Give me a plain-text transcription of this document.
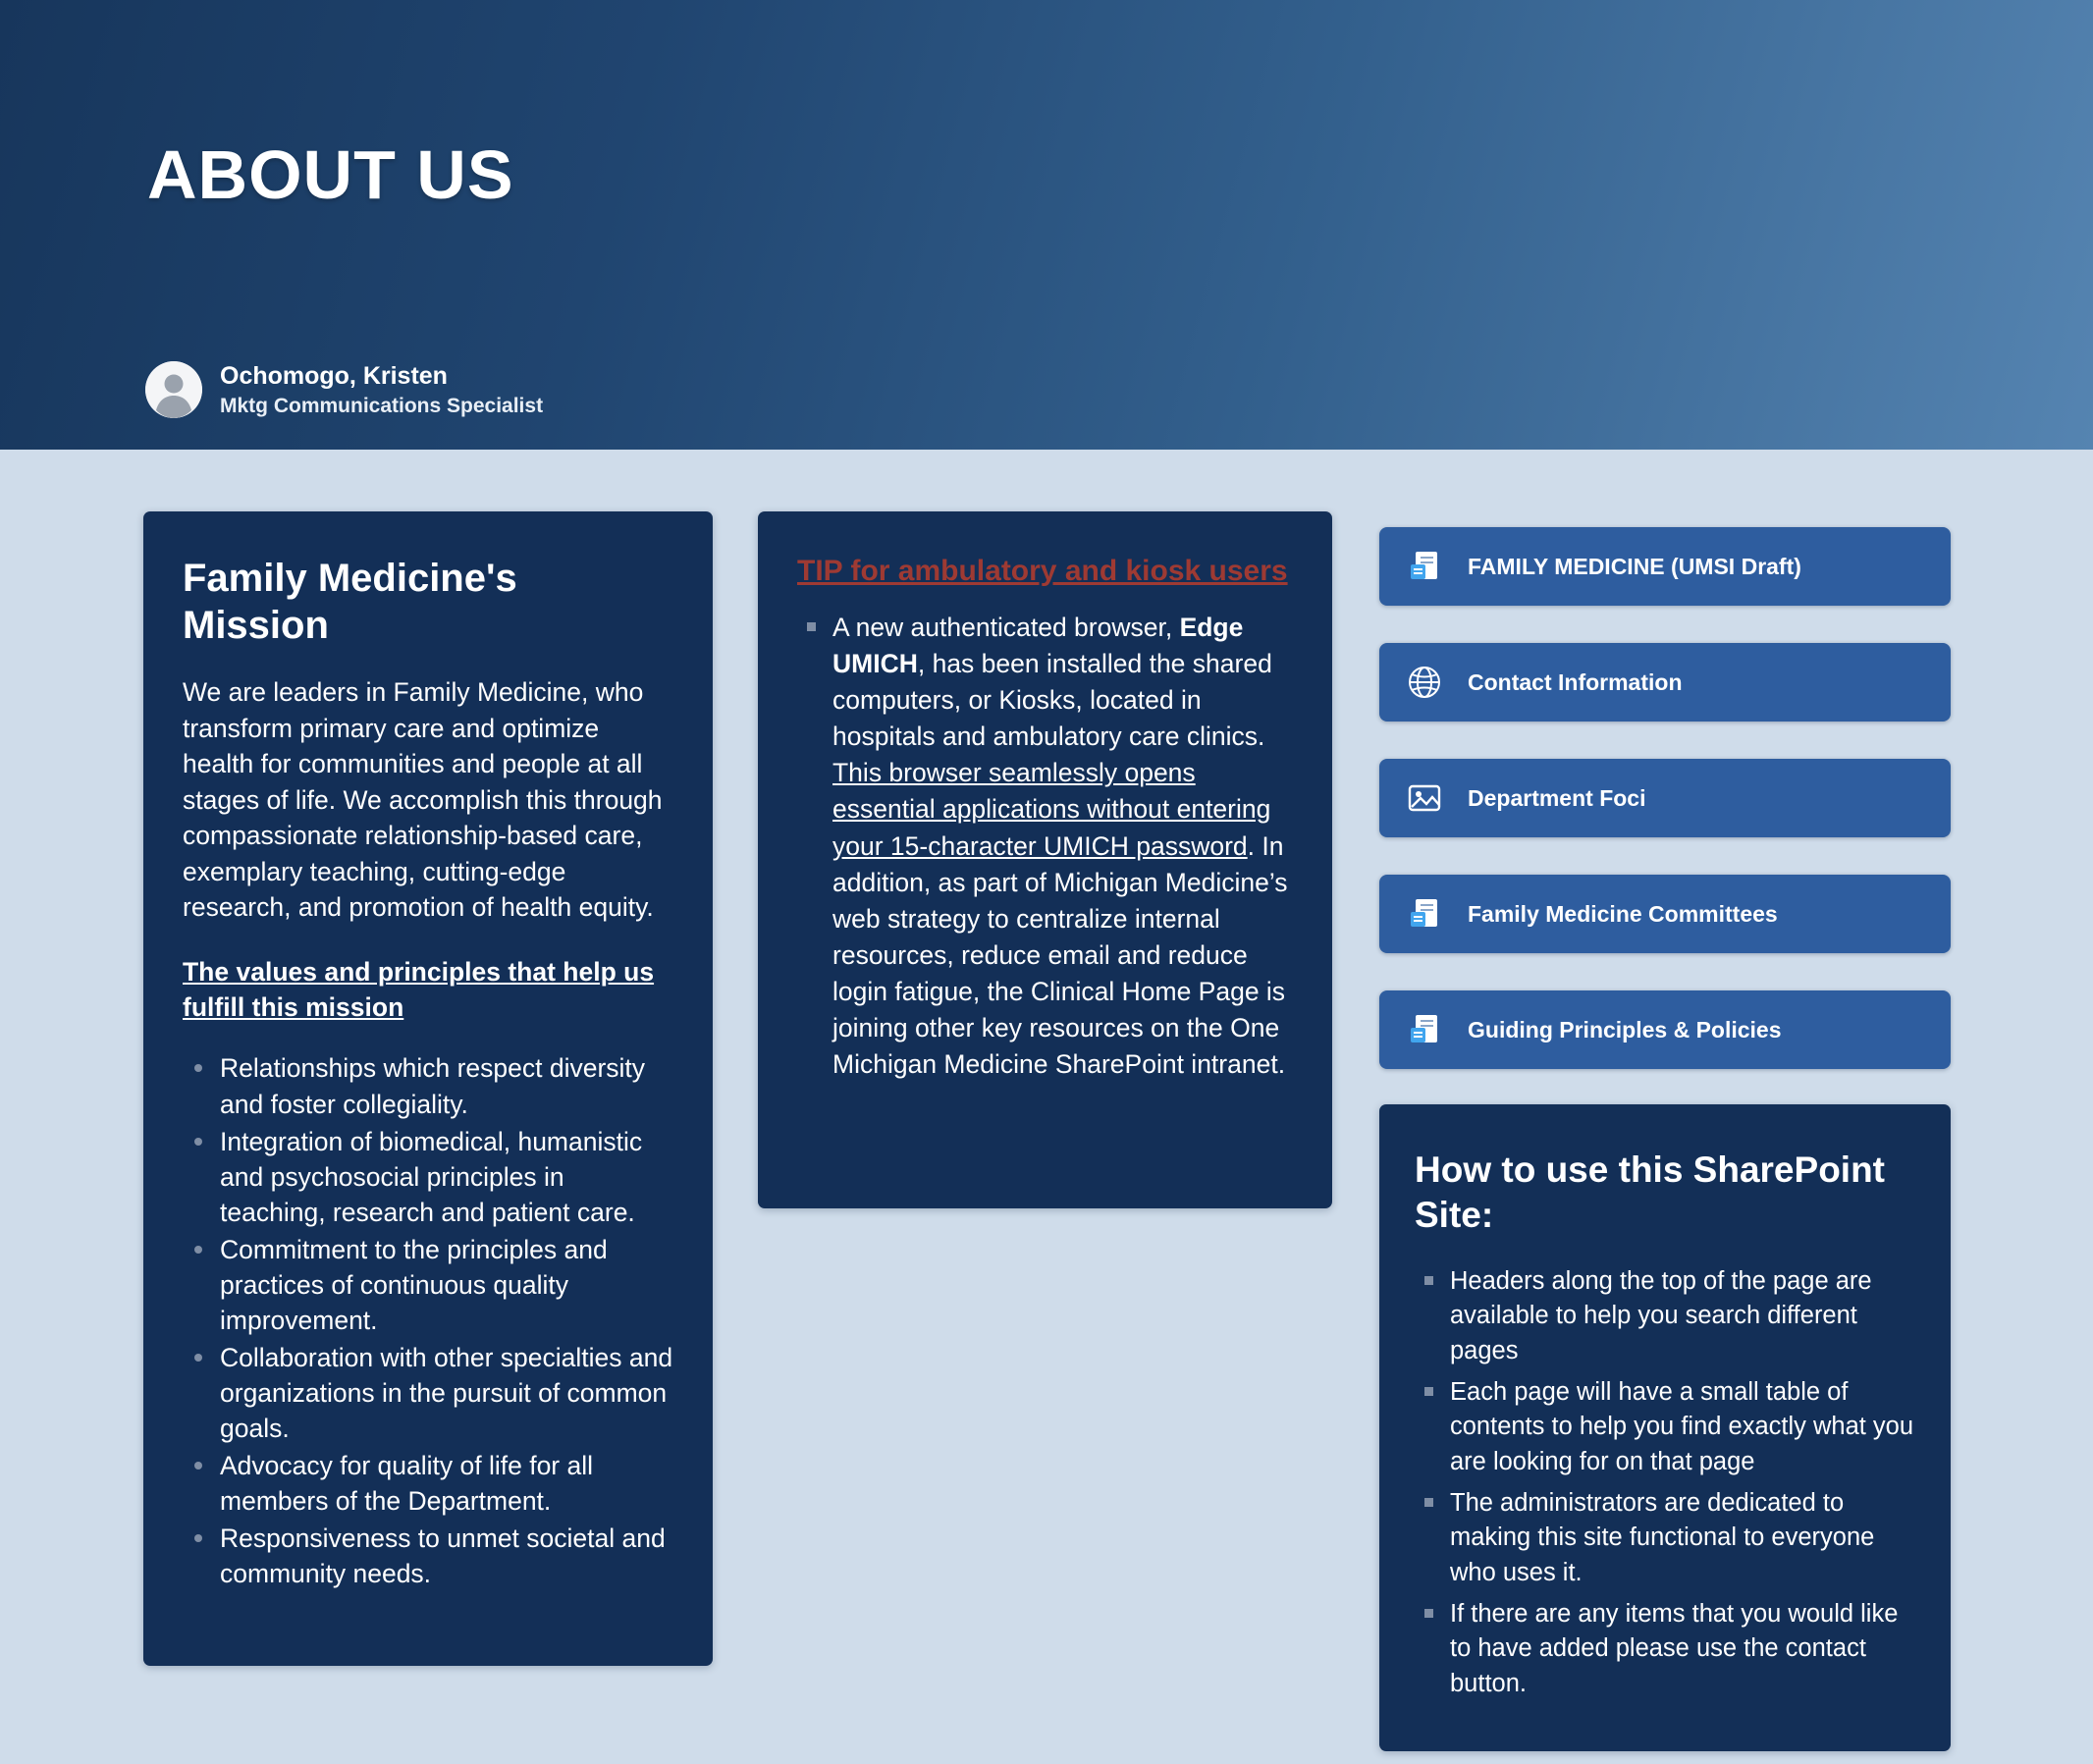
ABOUT US
Ochomogo, Kristen
Mktg Communications Specialist
Family Medicine's Mission

We are leaders in Family Medicine, who transform primary care and optimize health for communities and people at all stages of life. We accomplish this through compassionate relationship-based care, exemplary teaching, cutting-edge research, and promotion of health equity.

The values and principles that help us fulfill this mission
Relationships which respect diversity and foster collegiality.
Integration of biomedical, humanistic and psychosocial principles in teaching, research and patient care.
Commitment to the principles and practices of continuous quality improvement.
Collaboration with other specialties and organizations in the pursuit of common goals.
Advocacy for quality of life for all members of the Department.
Responsiveness to unmet societal and community needs.
TIP for ambulatory and kiosk users
A new authenticated browser, Edge UMICH, has been installed the shared computers, or Kiosks, located in hospitals and ambulatory care clinics. This browser seamlessly opens essential applications without entering your 15-character UMICH password. In addition, as part of Michigan Medicine’s web strategy to centralize internal resources, reduce email and reduce login fatigue, the Clinical Home Page is joining other key resources on the One Michigan Medicine SharePoint intranet.
FAMILY MEDICINE (UMSI Draft)
Contact Information
Department Foci
Family Medicine Committees
Guiding Principles & Policies
How to use this SharePoint Site:
Headers along the top of the page are available to help you search different pages
Each page will have a small table of contents to help you find exactly what you are looking for on that page
The administrators are dedicated to making this site functional to everyone who uses it.
If there are any items that you would like to have added please use the contact button.
